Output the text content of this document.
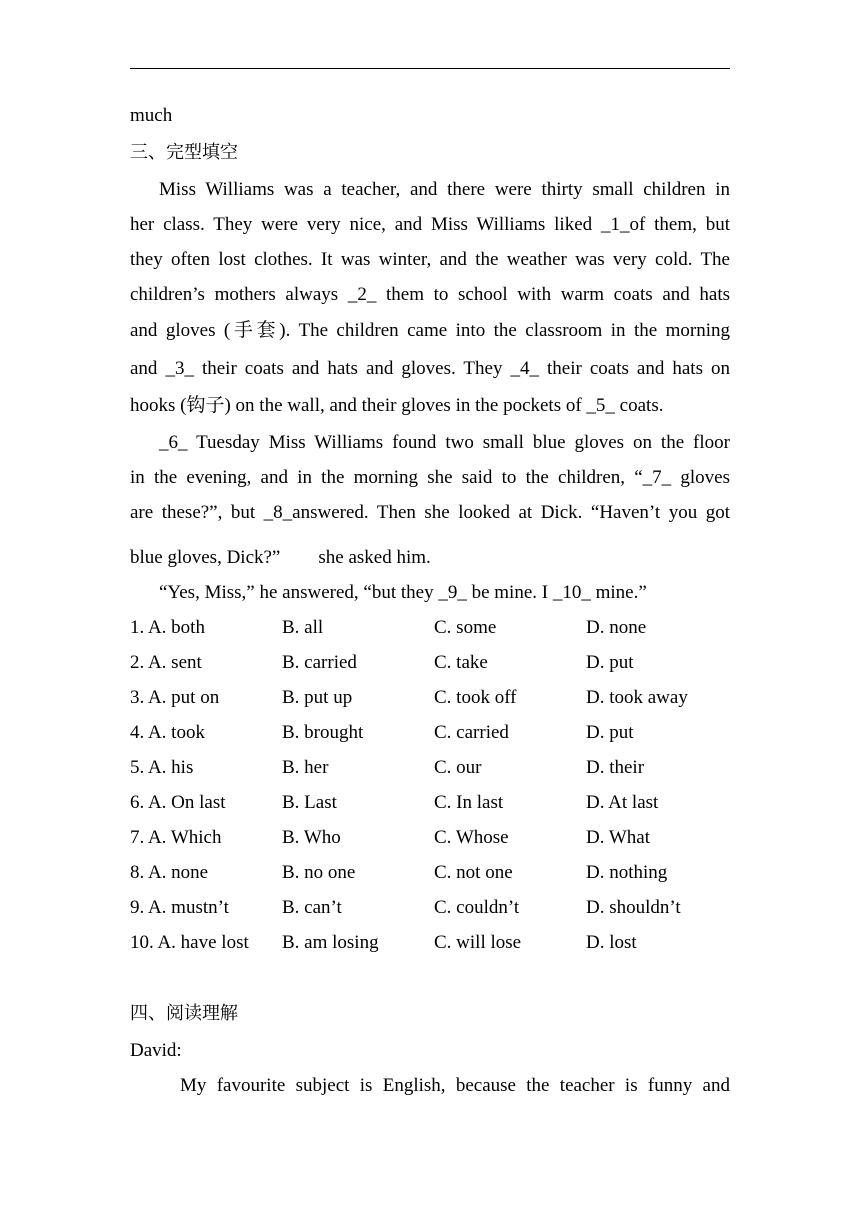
much
三、完型填空
Miss Williams was a teacher, and there were thirty small children in
her class. They were very nice, and Miss Williams liked _1_of them, but
they often lost clothes. It was winter, and the weather was very cold. The
children’s mothers always _2_ them to school with warm coats and hats
and gloves (手套). The children came into the classroom in the morning
and _3_ their coats and hats and gloves. They _4_ their coats and hats on
hooks (钩子) on the wall, and their gloves in the pockets of _5_ coats.
_6_ Tuesday Miss Williams found two small blue gloves on the floor
in the evening, and in the morning she said to the children, “_7_ gloves
are these?”, but _8_answered. Then she looked at Dick. “Haven’t you got
blue gloves, Dick?”        she asked him.
“Yes, Miss,” he answered, “but they _9_ be mine. I _10_ mine.”
1. A. both	B. all	C. some	D. none
2. A. sent	B. carried	C. take	D. put
3. A. put on	B. put up	C. took off	D. took away
4. A. took	B. brought	C. carried	D. put
5. A. his	B. her	C. our	D. their
6. A. On last	B. Last	C. In last	D. At last
7. A. Which	B. Who	C. Whose	D. What
8. A. none	B. no one	C. not one	D. nothing
9. A. mustn’t	B. can’t	C. couldn’t	D. shouldn’t
10. A. have lost B. am losing	C. will lose	D. lost
四、阅读理解
David:
My favourite subject is English, because the teacher is funny and
